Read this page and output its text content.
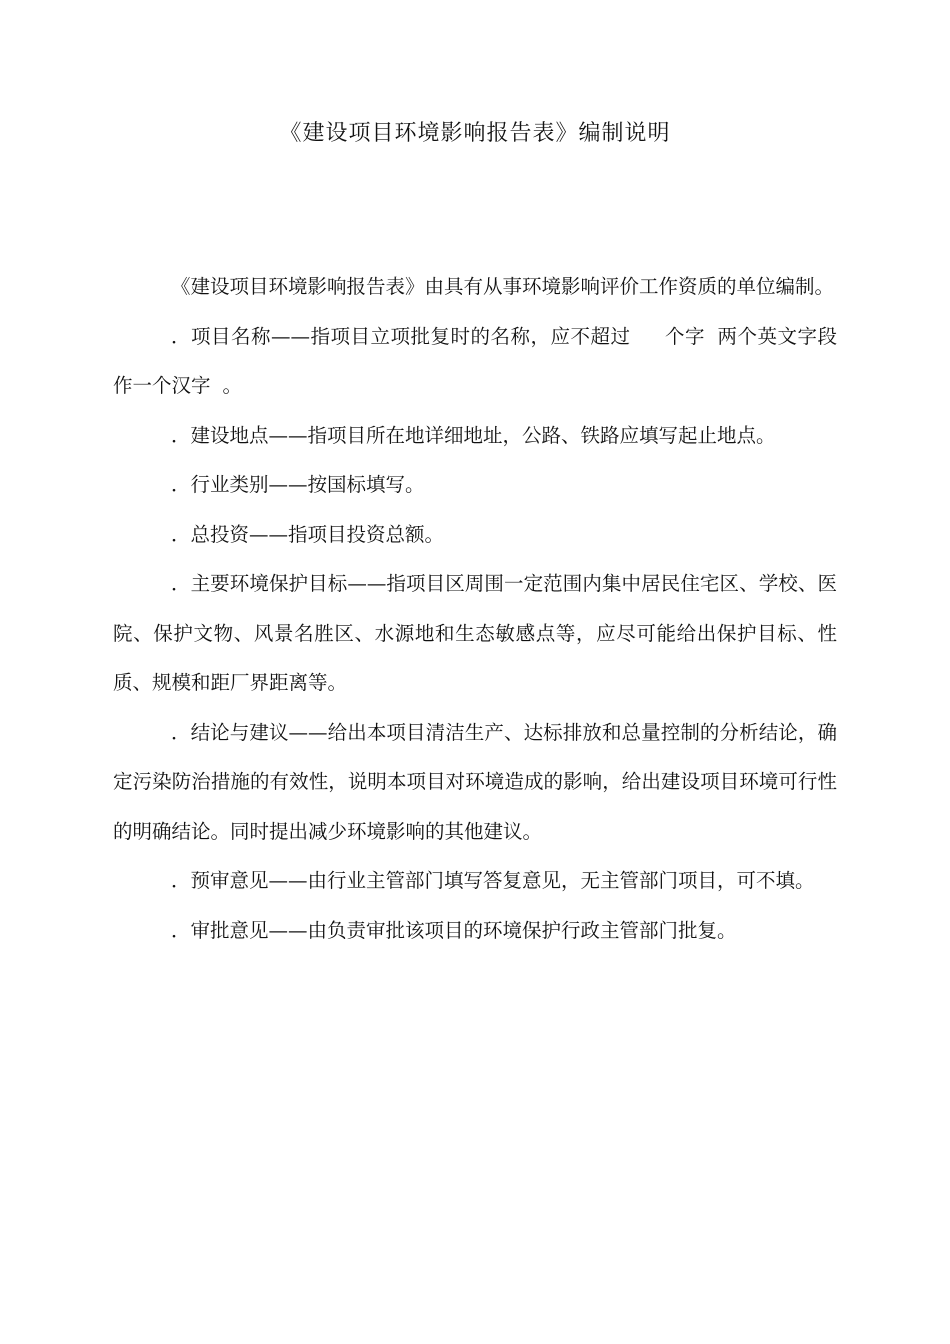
《建设项目环境影响报告表》编制说明

《建设项目环境影响报告表》由具有从事环境影响评价工作资质的单位编制。

．项目名称——指项目立项批复时的名称，应不超过 个字 两个英文字段作一个汉字 。

．建设地点——指项目所在地详细地址，公路、铁路应填写起止地点。

．行业类别——按国标填写。

．总投资——指项目投资总额。

．主要环境保护目标——指项目区周围一定范围内集中居民住宅区、学校、医院、保护文物、风景名胜区、水源地和生态敏感点等，应尽可能给出保护目标、性质、规模和距厂界距离等。

．结论与建议——给出本项目清洁生产、达标排放和总量控制的分析结论，确定污染防治措施的有效性，说明本项目对环境造成的影响，给出建设项目环境可行性的明确结论。同时提出减少环境影响的其他建议。

．预审意见——由行业主管部门填写答复意见，无主管部门项目，可不填。

．审批意见——由负责审批该项目的环境保护行政主管部门批复。
